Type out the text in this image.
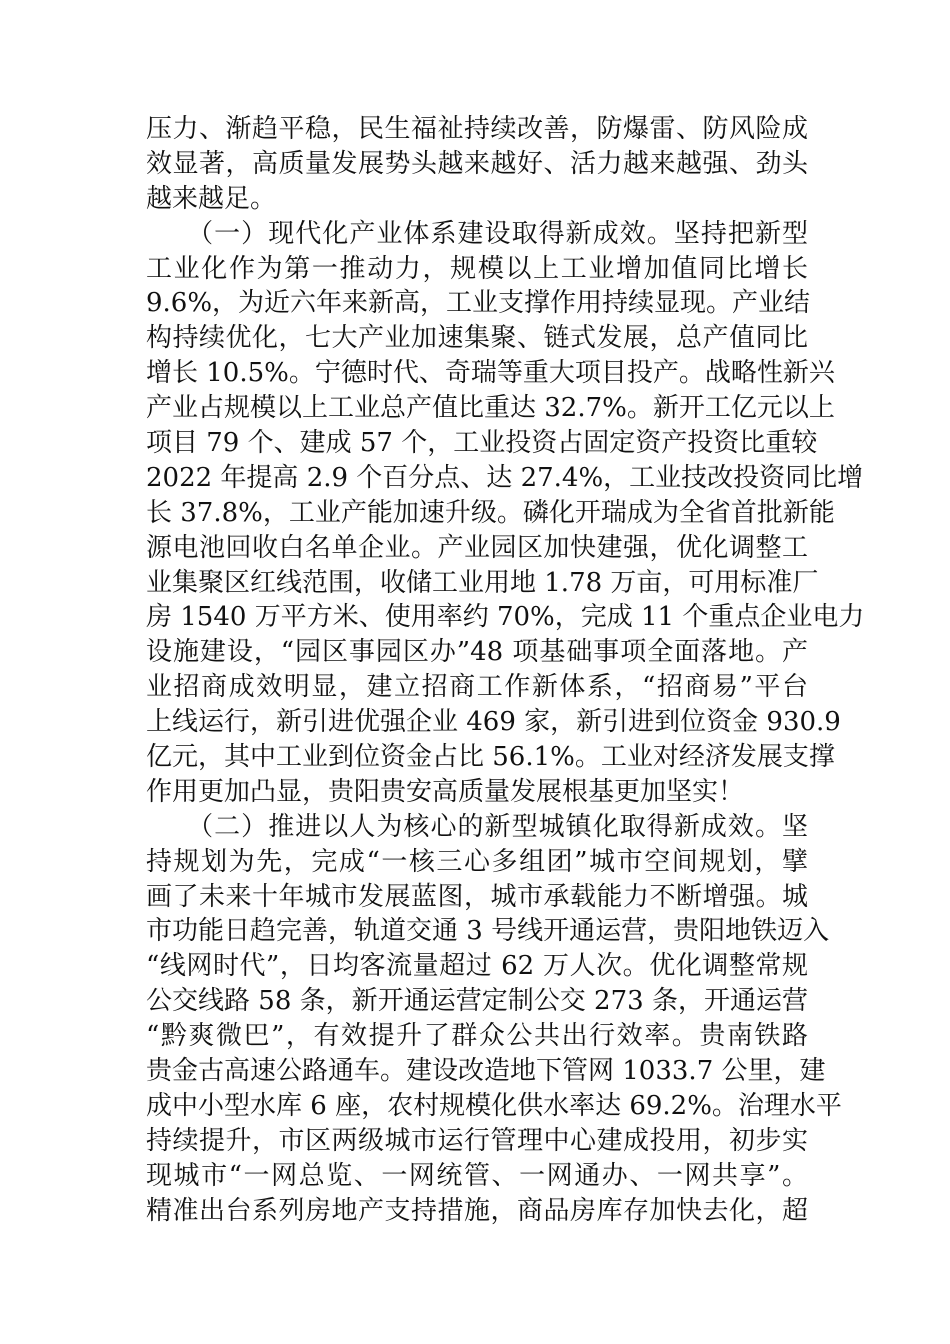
压力、渐趋平稳，民生福祉持续改善，防爆雷、防风险成
效显著，高质量发展势头越来越好、活力越来越强、劲头
越来越足。
　　（一）现代化产业体系建设取得新成效。坚持把新型
工业化作为第一推动力，规模以上工业增加值同比增长
9.6%，为近六年来新高，工业支撑作用持续显现。产业结
构持续优化，七大产业加速集聚、链式发展，总产值同比
增长 10.5%。宁德时代、奇瑞等重大项目投产。战略性新兴
产业占规模以上工业总产值比重达 32.7%。新开工亿元以上
项目 79 个、建成 57 个，工业投资占固定资产投资比重较
2022 年提高 2.9 个百分点、达 27.4%，工业技改投资同比增
长 37.8%，工业产能加速升级。磷化开瑞成为全省首批新能
源电池回收白名单企业。产业园区加快建强，优化调整工
业集聚区红线范围，收储工业用地 1.78 万亩，可用标准厂
房 1540 万平方米、使用率约 70%，完成 11 个重点企业电力
设施建设，“园区事园区办”48 项基础事项全面落地。产
业招商成效明显，建立招商工作新体系，“招商易”平台
上线运行，新引进优强企业 469 家，新引进到位资金 930.9
亿元，其中工业到位资金占比 56.1%。工业对经济发展支撑
作用更加凸显，贵阳贵安高质量发展根基更加坚实！
　　（二）推进以人为核心的新型城镇化取得新成效。坚
持规划为先，完成“一核三心多组团”城市空间规划，擘
画了未来十年城市发展蓝图，城市承载能力不断增强。城
市功能日趋完善，轨道交通 3 号线开通运营，贵阳地铁迈入
“线网时代”，日均客流量超过 62 万人次。优化调整常规
公交线路 58 条，新开通运营定制公交 273 条，开通运营
“黔爽微巴”，有效提升了群众公共出行效率。贵南铁路
贵金古高速公路通车。建设改造地下管网 1033.7 公里，建
成中小型水库 6 座，农村规模化供水率达 69.2%。治理水平
持续提升，市区两级城市运行管理中心建成投用，初步实
现城市“一网总览、一网统管、一网通办、一网共享”。
精准出台系列房地产支持措施，商品房库存加快去化，超
